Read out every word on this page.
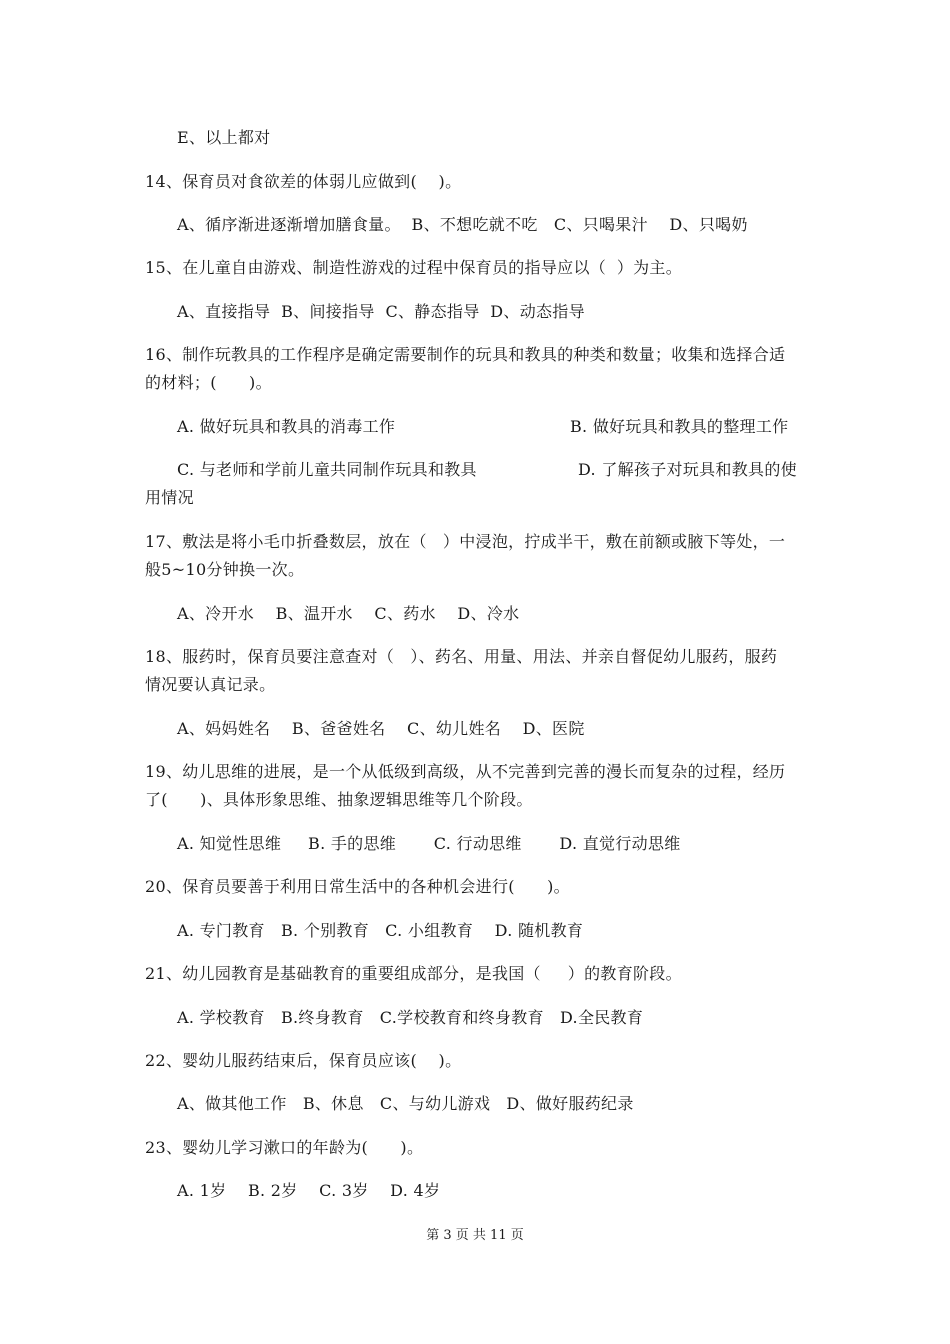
E、以上都对
14、保育员对食欲差的体弱儿应做到(    )。
A、循序渐进逐渐增加膳食量。  B、不想吃就不吃   C、只喝果汁    D、只喝奶
15、在儿童自由游戏、制造性游戏的过程中保育员的指导应以（  ）为主。
A、直接指导  B、间接指导  C、静态指导  D、动态指导
16、制作玩教具的工作程序是确定需要制作的玩具和教具的种类和数量；收集和选择合适
的材料；(      )。
A. 做好玩具和教具的消毒工作	B. 做好玩具和教具的整理工作
C. 与老师和学前儿童共同制作玩具和教具	D. 了解孩子对玩具和教具的使
用情况
17、敷法是将小毛巾折叠数层，放在（   ）中浸泡，拧成半干，敷在前额或腋下等处，一
般5~10分钟换一次。
A、冷开水    B、温开水    C、药水    D、冷水
18、服药时，保育员要注意查对（   ）、药名、用量、用法、并亲自督促幼儿服药，服药
情况要认真记录。
A、妈妈姓名    B、爸爸姓名    C、幼儿姓名    D、医院
19、幼儿思维的进展，是一个从低级到高级，从不完善到完善的漫长而复杂的过程，经历
了(      )、具体形象思维、抽象逻辑思维等几个阶段。
A. 知觉性思维     B. 手的思维       C. 行动思维       D. 直觉行动思维
20、保育员要善于利用日常生活中的各种机会进行(      )。
A. 专门教育   B. 个别教育   C. 小组教育    D. 随机教育
21、幼儿园教育是基础教育的重要组成部分，是我国（     ）的教育阶段。
A. 学校教育   B.终身教育   C.学校教育和终身教育   D.全民教育
22、婴幼儿服药结束后，保育员应该(    )。
A、做其他工作   B、休息   C、与幼儿游戏   D、做好服药纪录
23、婴幼儿学习漱口的年龄为(      )。
A. 1岁    B. 2岁    C. 3岁    D. 4岁
第 3 页 共 11 页
